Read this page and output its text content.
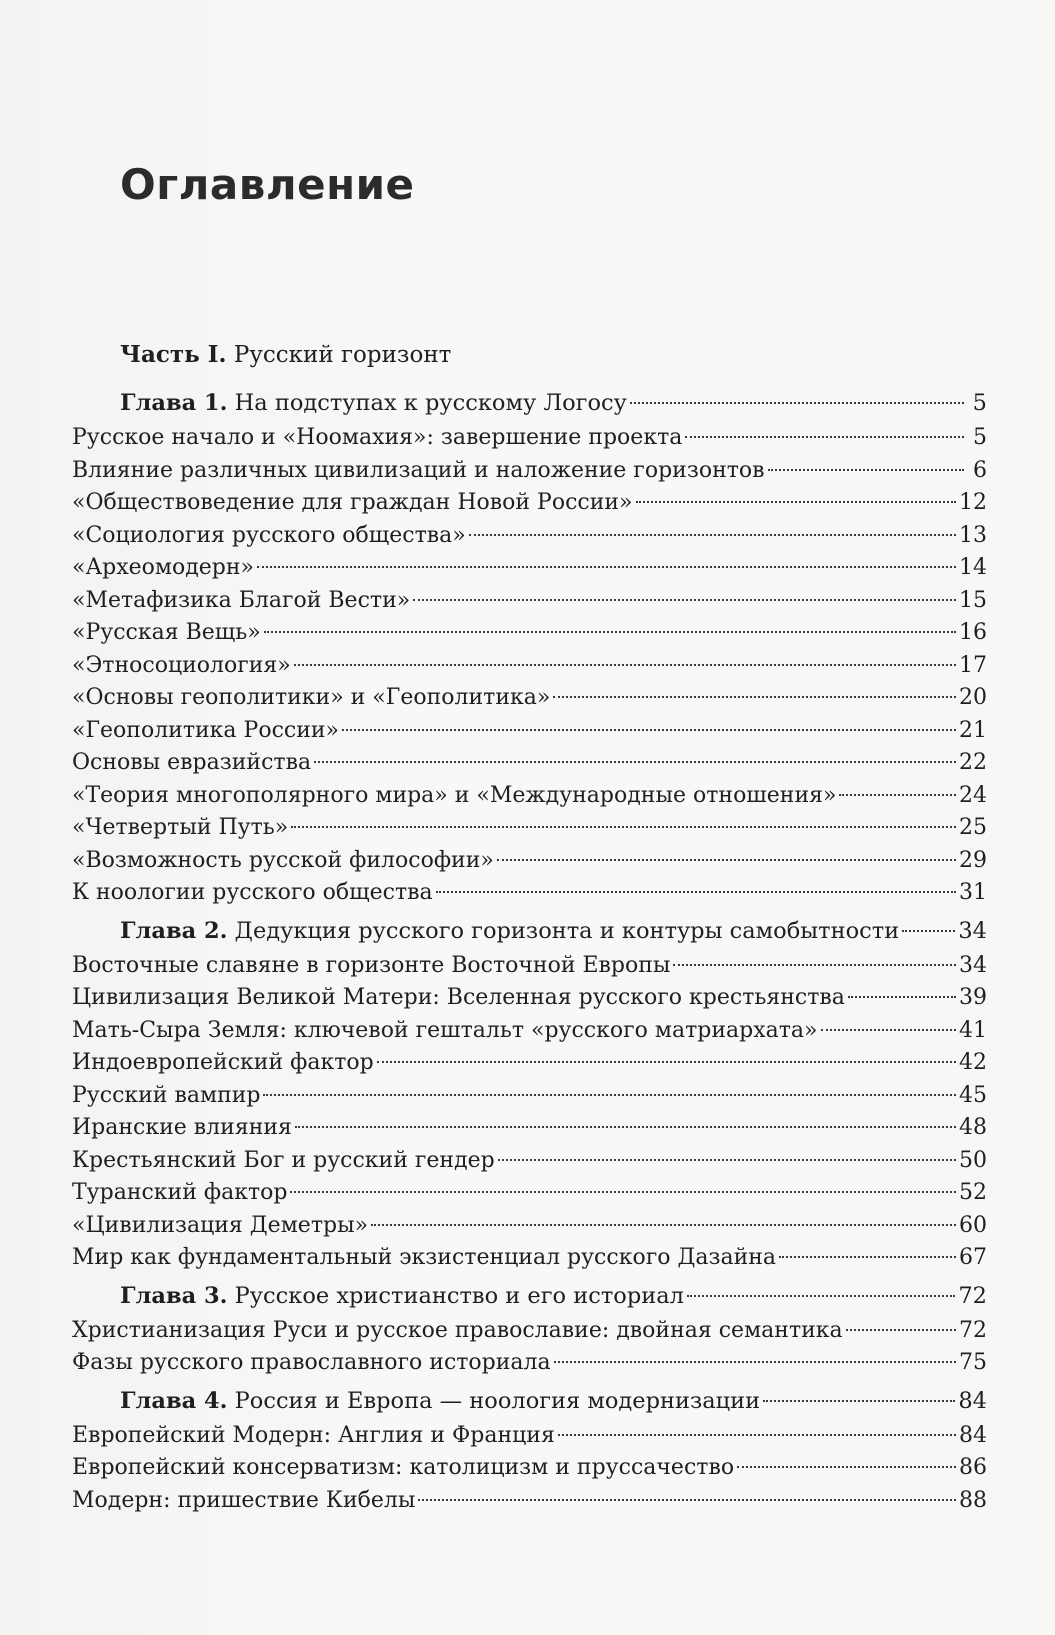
Оглавление
Часть I. Русский горизонт
Глава 1. На подступах к русскому Логосу	5
Русское начало и «Ноомахия»: завершение проекта	5
Влияние различных цивилизаций и наложение горизонтов	6
«Обществоведение для граждан Новой России»	12
«Социология русского общества»	13
«Археомодерн»	14
«Метафизика Благой Вести»	15
«Русская Вещь»	16
«Этносоциология»	17
«Основы геополитики» и «Геополитика»	20
«Геополитика России»	21
Основы евразийства	22
«Теория многополярного мира» и «Международные отношения»	24
«Четвертый Путь»	25
«Возможность русской философии»	29
К ноологии русского общества	31
Глава 2. Дедукция русского горизонта и контуры самобытности	34
Восточные славяне в горизонте Восточной Европы	34
Цивилизация Великой Матери: Вселенная русского крестьянства	39
Мать-Сыра Земля: ключевой гештальт «русского матриархата»	41
Индоевропейский фактор	42
Русский вампир	45
Иранские влияния	48
Крестьянский Бог и русский гендер	50
Туранский фактор	52
«Цивилизация Деметры»	60
Мир как фундаментальный экзистенциал русского Дазайна	67
Глава 3. Русское христианство и его историал	72
Христианизация Руси и русское православие: двойная семантика	72
Фазы русского православного историала	75
Глава 4. Россия и Европа — ноология модернизации	84
Европейский Модерн: Англия и Франция	84
Европейский консерватизм: католицизм и пруссачество	86
Модерн: пришествие Кибелы	88
